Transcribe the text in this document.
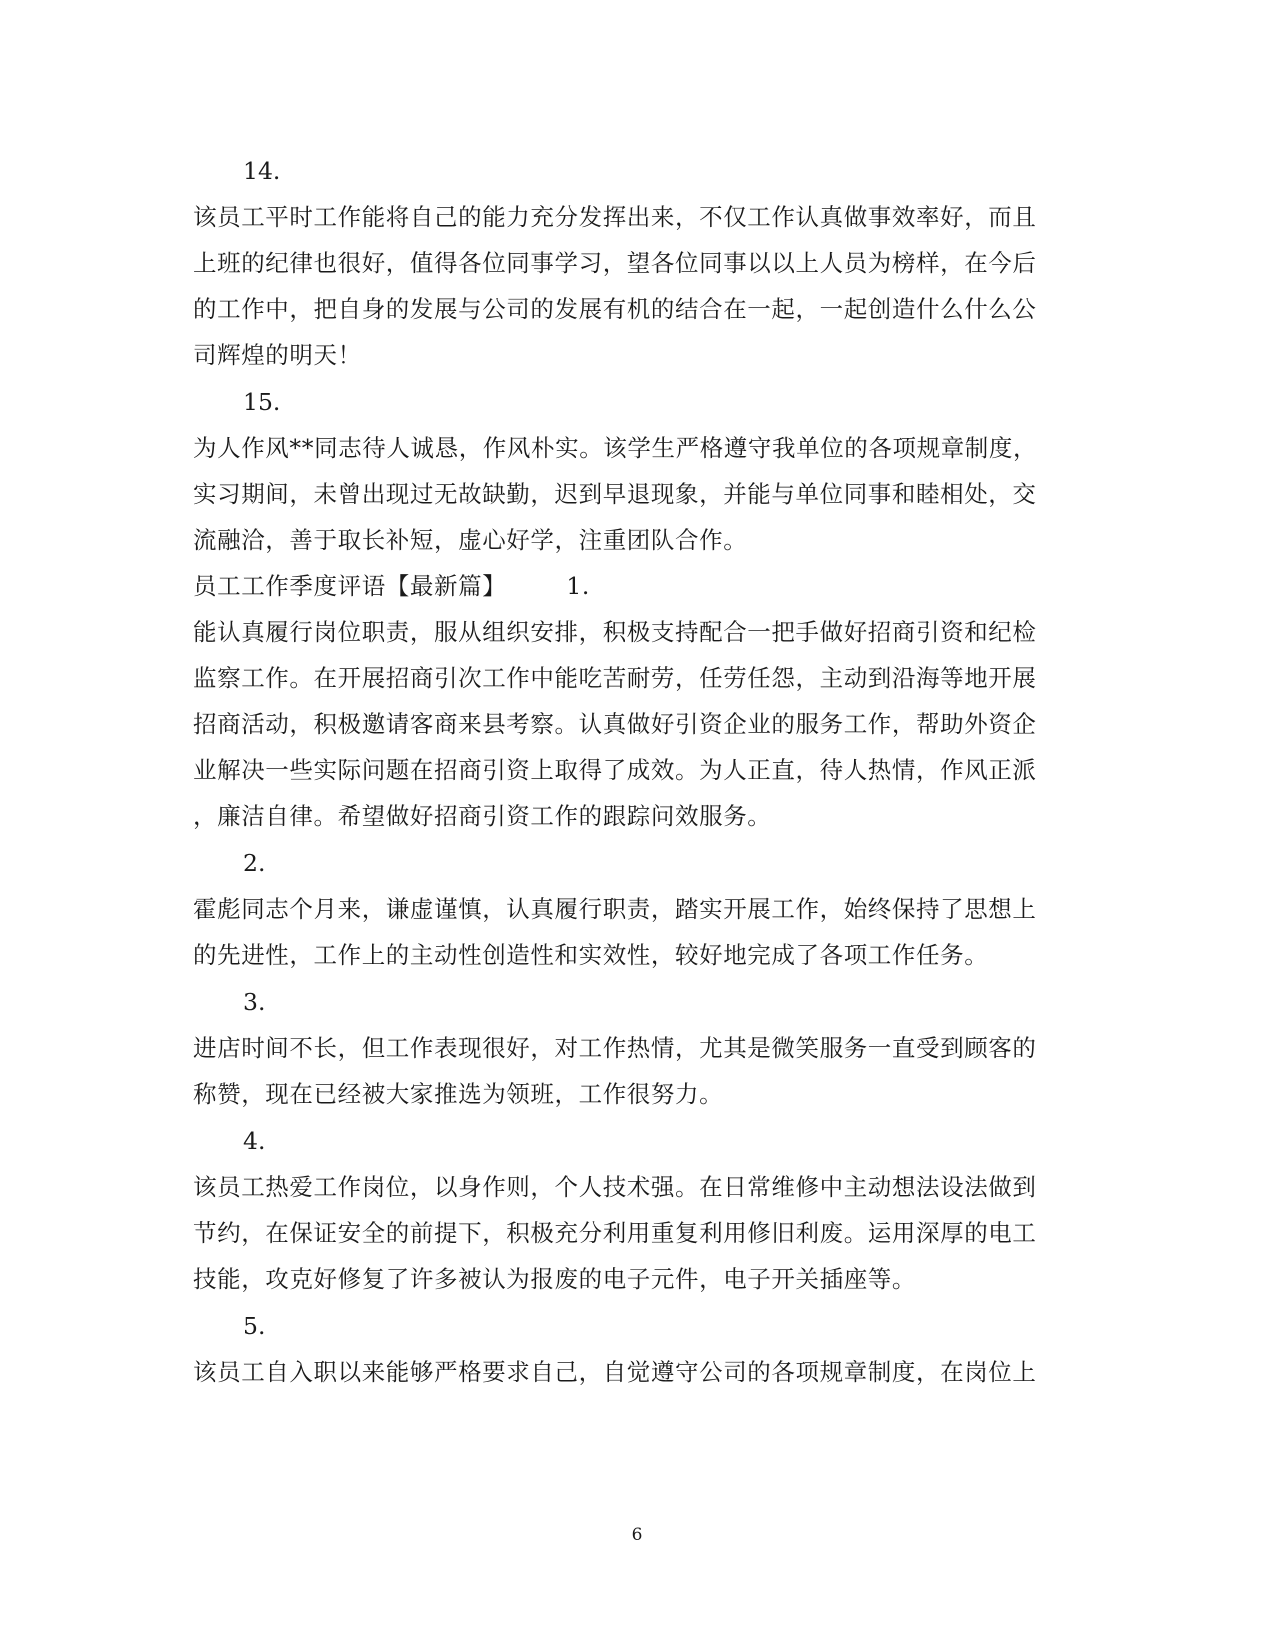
14.
该员工平时工作能将自己的能力充分发挥出来，不仅工作认真做事效率好，而且
上班的纪律也很好，值得各位同事学习，望各位同事以以上人员为榜样，在今后
的工作中，把自身的发展与公司的发展有机的结合在一起，一起创造什么什么公
司辉煌的明天！
15.
为人作风**同志待人诚恳，作风朴实。该学生严格遵守我单位的各项规章制度，
实习期间，未曾出现过无故缺勤，迟到早退现象，并能与单位同事和睦相处，交
流融洽，善于取长补短，虚心好学，注重团队合作。
员工工作季度评语【最新篇】	1.
能认真履行岗位职责，服从组织安排，积极支持配合一把手做好招商引资和纪检
监察工作。在开展招商引次工作中能吃苦耐劳，任劳任怨，主动到沿海等地开展
招商活动，积极邀请客商来县考察。认真做好引资企业的服务工作，帮助外资企
业解决一些实际问题在招商引资上取得了成效。为人正直，待人热情，作风正派
，廉洁自律。希望做好招商引资工作的跟踪问效服务。
2.
霍彪同志个月来，谦虚谨慎，认真履行职责，踏实开展工作，始终保持了思想上
的先进性，工作上的主动性创造性和实效性，较好地完成了各项工作任务。
3.
进店时间不长，但工作表现很好，对工作热情，尤其是微笑服务一直受到顾客的
称赞，现在已经被大家推选为领班，工作很努力。
4.
该员工热爱工作岗位，以身作则，个人技术强。在日常维修中主动想法设法做到
节约，在保证安全的前提下，积极充分利用重复利用修旧利废。运用深厚的电工
技能，攻克好修复了许多被认为报废的电子元件，电子开关插座等。
5.
该员工自入职以来能够严格要求自己，自觉遵守公司的各项规章制度，在岗位上
6
